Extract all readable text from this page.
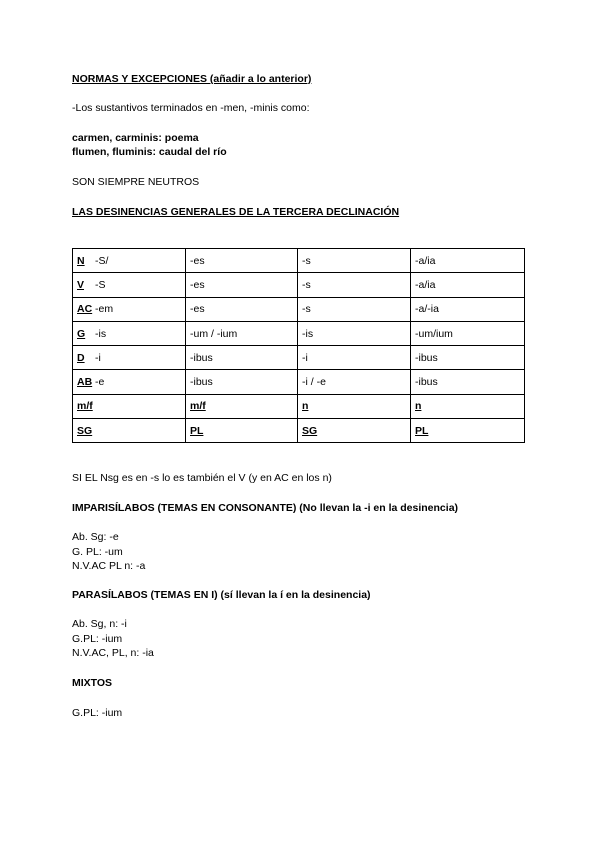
NORMAS Y EXCEPCIONES (añadir a lo anterior)
-Los sustantivos terminados en -men, -minis como:
carmen, carminis: poema
flumen, fluminis: caudal del río
SON SIEMPRE NEUTROS
LAS DESINENCIAS GENERALES DE LA TERCERA DECLINACIÓN
N -S/	-es	-s	-a/ia
V -S	-es	-s	-a/ia
AC -em	-es	-s	-a/-ia
G -is	-um / -ium	-is	-um/ium
D -i	-ibus	-i	-ibus
AB -e	-ibus	-i / -e	-ibus
m/f	m/f	n	n
SG	PL	SG	PL
SI EL Nsg es en -s lo es también el V (y en AC en los n)
IMPARISÍLABOS (TEMAS EN CONSONANTE) (No llevan la -i en la desinencia)
Ab. Sg: -e
G. PL: -um
N.V.AC PL n: -a
PARASÍLABOS (TEMAS EN I) (sí llevan la í en la desinencia)
Ab. Sg, n: -i
G.PL: -ium
N.V.AC, PL, n: -ia
MIXTOS
G.PL: -ium
